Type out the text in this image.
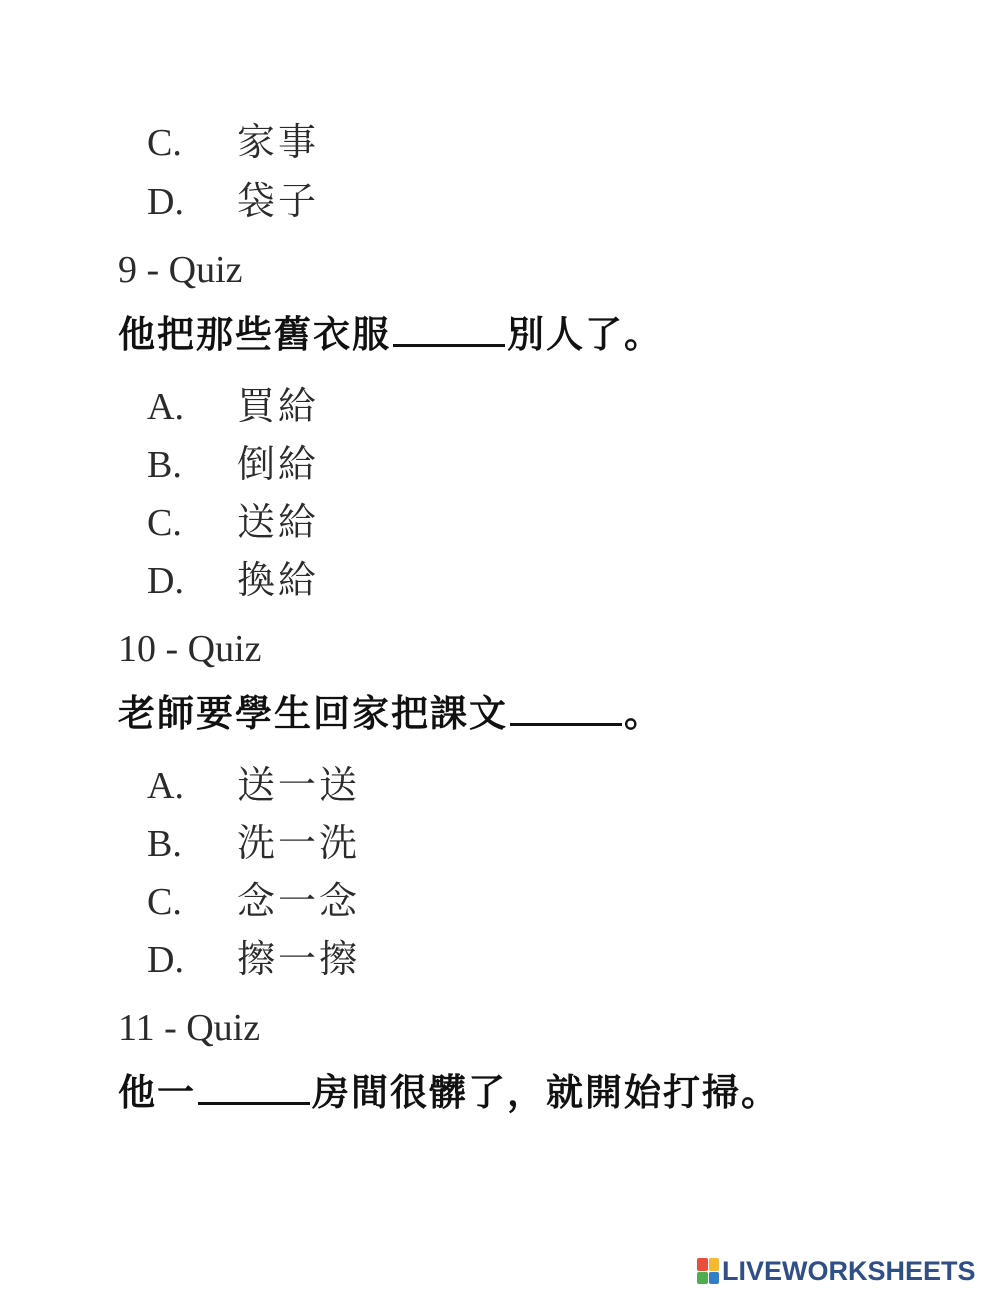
C. 家事
D. 袋子
9 - Quiz
他把那些舊衣服	別人了。
A. 買給
B. 倒給
C. 送給
D. 換給
10 - Quiz
老師要學生回家把課文	。
A. 送一送
B. 洗一洗
C. 念一念
D. 擦一擦
11 - Quiz
他一	房間很髒了，就開始打掃。
LIVEWORKSHEETS
